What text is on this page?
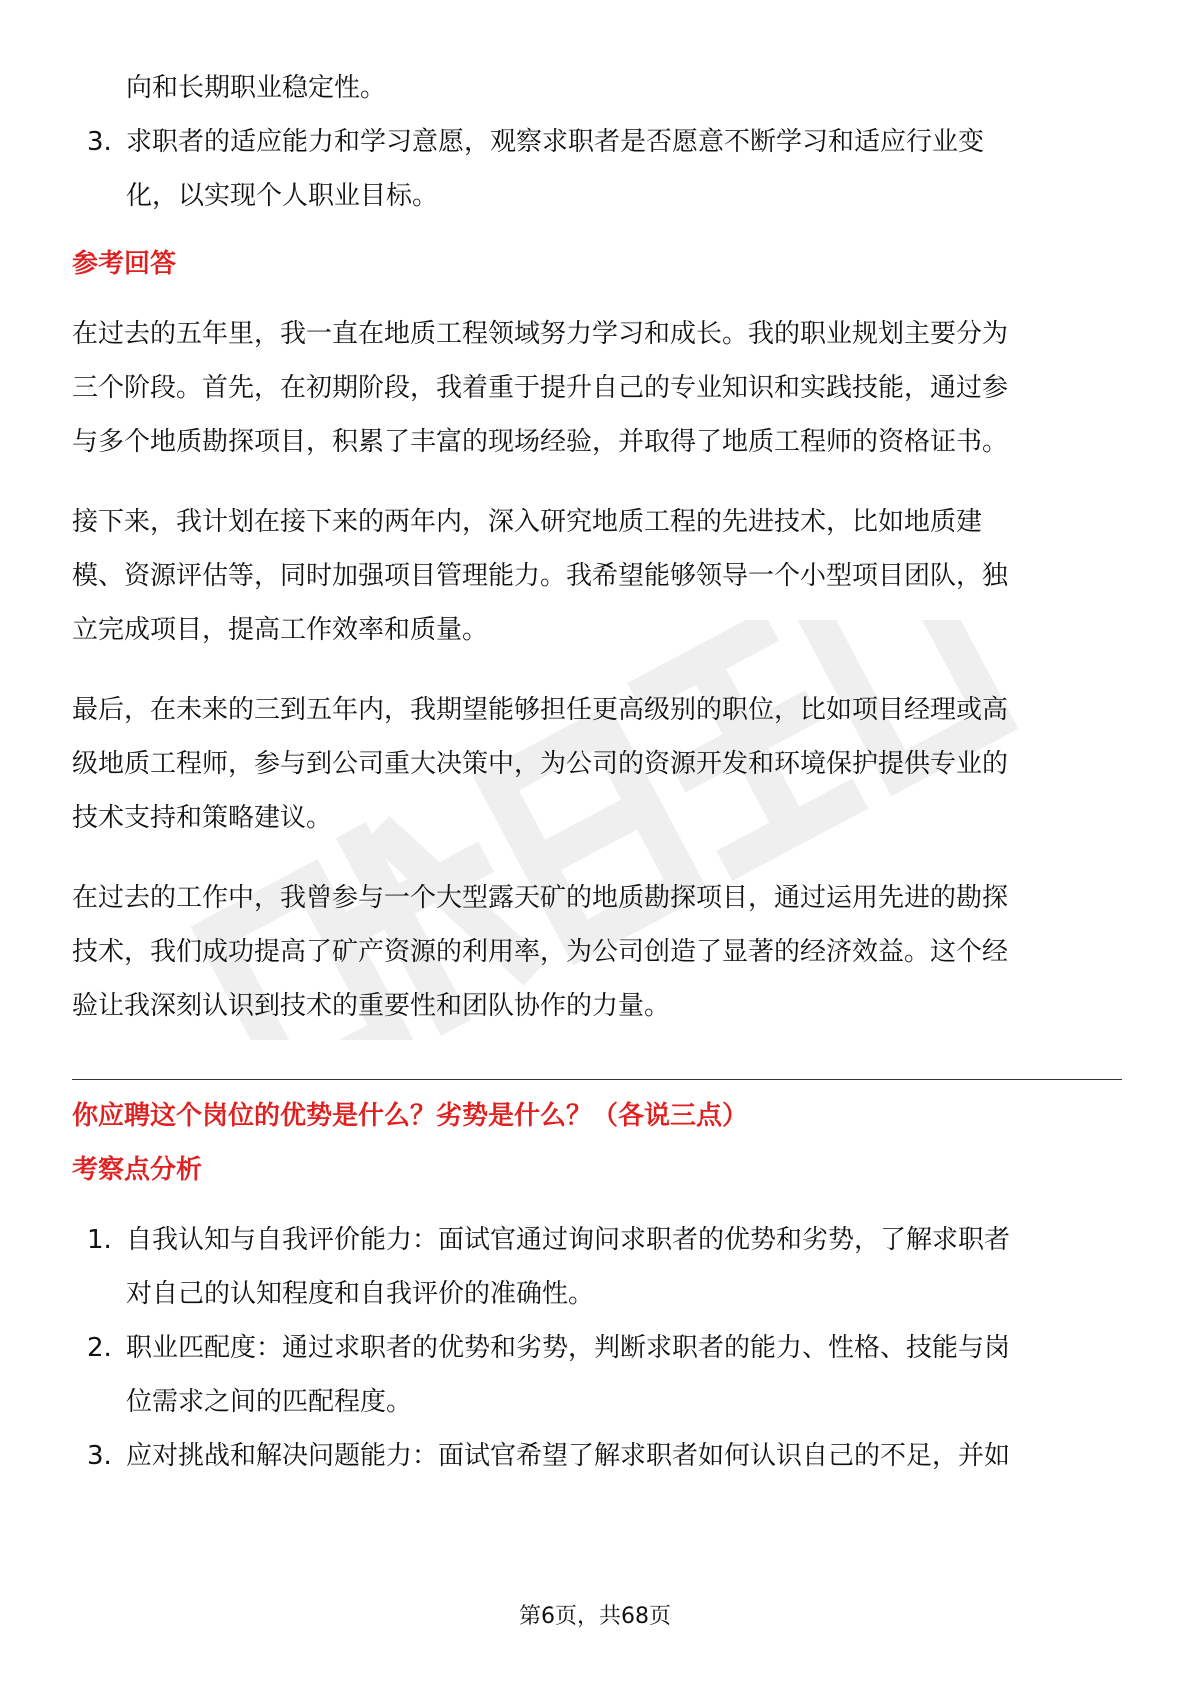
向和长期职业稳定性。
3. 求职者的适应能力和学习意愿，观察求职者是否愿意不断学习和适应行业变
化，以实现个人职业目标。
参考回答
在过去的五年里，我一直在地质工程领域努力学习和成长。我的职业规划主要分为
三个阶段。首先，在初期阶段，我着重于提升自己的专业知识和实践技能，通过参
与多个地质勘探项目，积累了丰富的现场经验，并取得了地质工程师的资格证书。
接下来，我计划在接下来的两年内，深入研究地质工程的先进技术，比如地质建
模、资源评估等，同时加强项目管理能力。我希望能够领导一个小型项目团队，独
立完成项目，提高工作效率和质量。
最后，在未来的三到五年内，我期望能够担任更高级别的职位，比如项目经理或高
级地质工程师，参与到公司重大决策中，为公司的资源开发和环境保护提供专业的
技术支持和策略建议。
在过去的工作中，我曾参与一个大型露天矿的地质勘探项目，通过运用先进的勘探
技术，我们成功提高了矿产资源的利用率，为公司创造了显著的经济效益。这个经
验让我深刻认识到技术的重要性和团队协作的力量。
你应聘这个岗位的优势是什么？劣势是什么？（各说三点）
考察点分析
1. 自我认知与自我评价能力：面试官通过询问求职者的优势和劣势，了解求职者
对自己的认知程度和自我评价的准确性。
2. 职业匹配度：通过求职者的优势和劣势，判断求职者的能力、性格、技能与岗
位需求之间的匹配程度。
3. 应对挑战和解决问题能力：面试官希望了解求职者如何认识自己的不足，并如
第6页，共68页
